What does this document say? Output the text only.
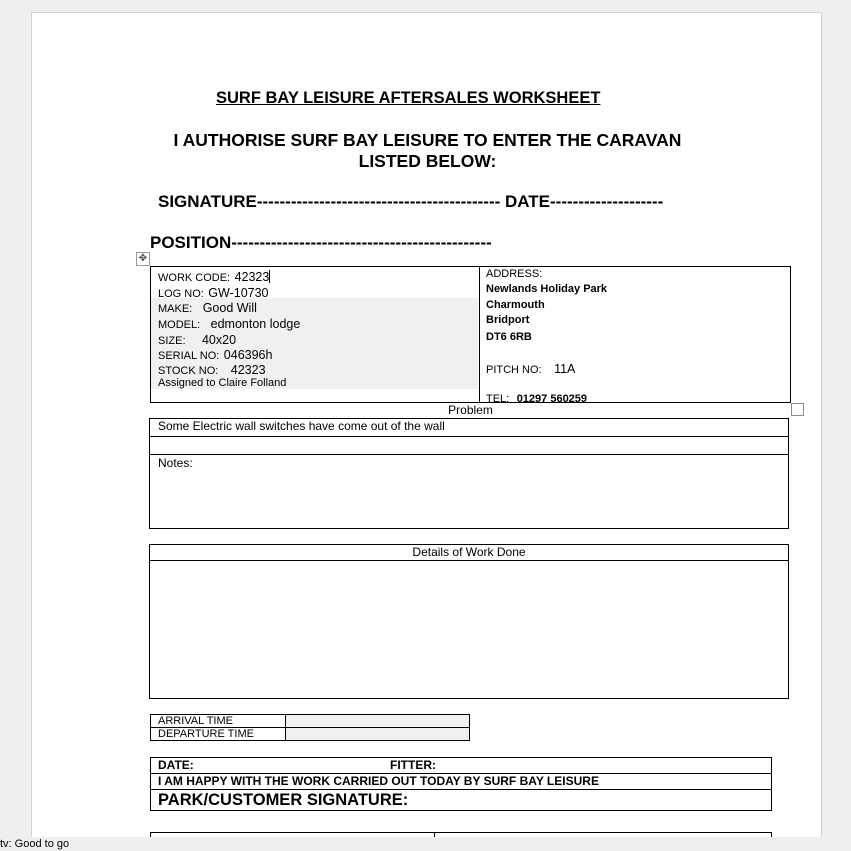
SURF BAY LEISURE AFTERSALES WORKSHEET
I AUTHORISE SURF BAY LEISURE TO ENTER THE CARAVAN LISTED BELOW:
SIGNATURE------------------------------------------- DATE--------------------
POSITION----------------------------------------------
✥
WORK CODE: 42323
LOG NO: GW-10730
MAKE: Good Will
MODEL: edmonton lodge
SIZE: 40x20
SERIAL NO: 046396h
STOCK NO: 42323
Assigned to Claire Folland
ADDRESS:
Newlands Holiday Park
Charmouth
Bridport
DT6 6RB
PITCH NO: 11A
TEL: 01297 560259
Problem
Some Electric wall switches have come out of the wall
Notes:
Details of Work Done
ARRIVAL TIME	
DEPARTURE TIME	
DATE:	FITTER:
I AM HAPPY WITH THE WORK CARRIED OUT TODAY BY SURF BAY LEISURE
PARK/CUSTOMER SIGNATURE:
tv: Good to go
